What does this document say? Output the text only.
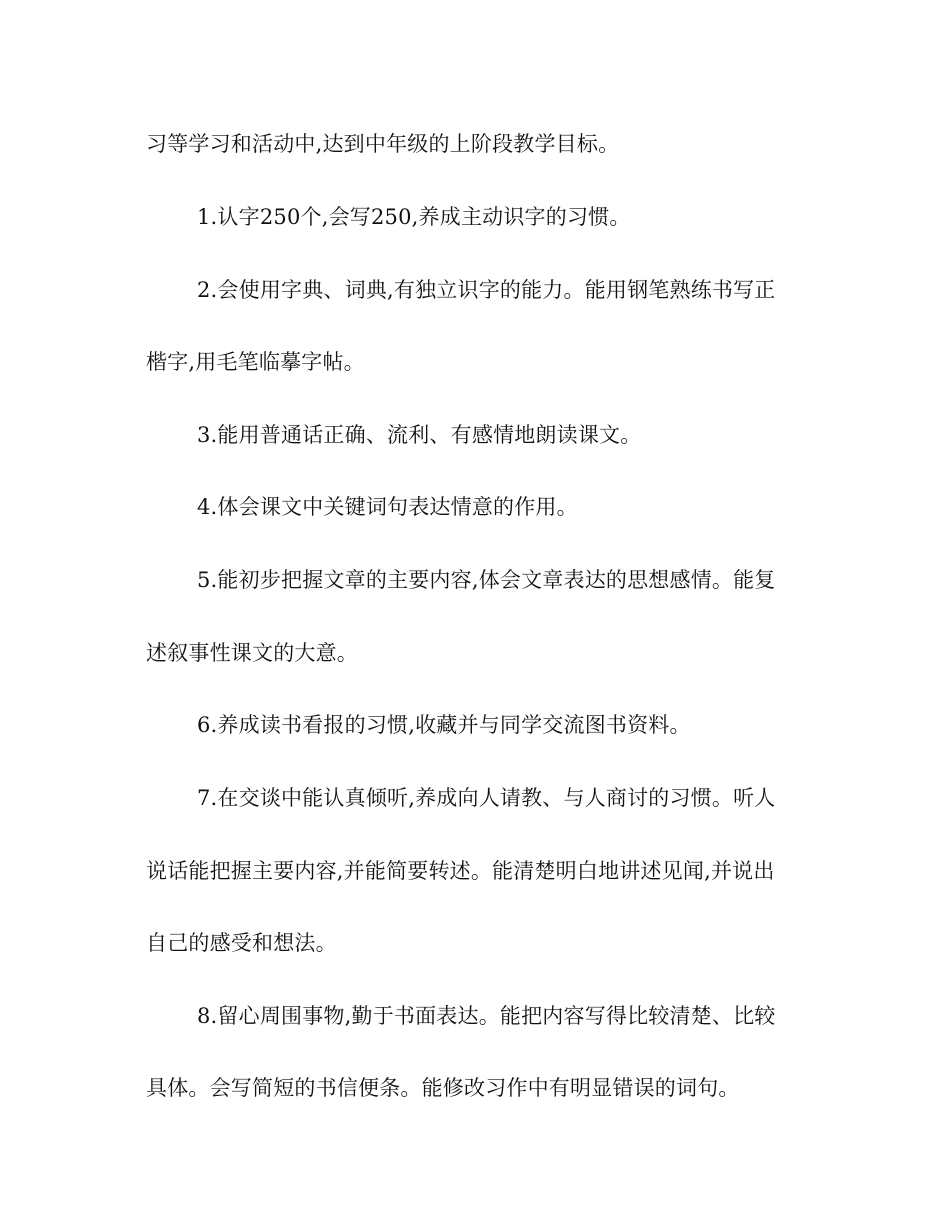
习等学习和活动中,达到中年级的上阶段教学目标。
1.认字250个,会写250,养成主动识字的习惯。
2.会使用字典、词典,有独立识字的能力。能用钢笔熟练书写正
楷字,用毛笔临摹字帖。
3.能用普通话正确、流利、有感情地朗读课文。
4.体会课文中关键词句表达情意的作用。
5.能初步把握文章的主要内容,体会文章表达的思想感情。能复
述叙事性课文的大意。
6.养成读书看报的习惯,收藏并与同学交流图书资料。
7.在交谈中能认真倾听,养成向人请教、与人商讨的习惯。听人
说话能把握主要内容,并能简要转述。能清楚明白地讲述见闻,并说出
自己的感受和想法。
8.留心周围事物,勤于书面表达。能把内容写得比较清楚、比较
具体。会写简短的书信便条。能修改习作中有明显错误的词句。
